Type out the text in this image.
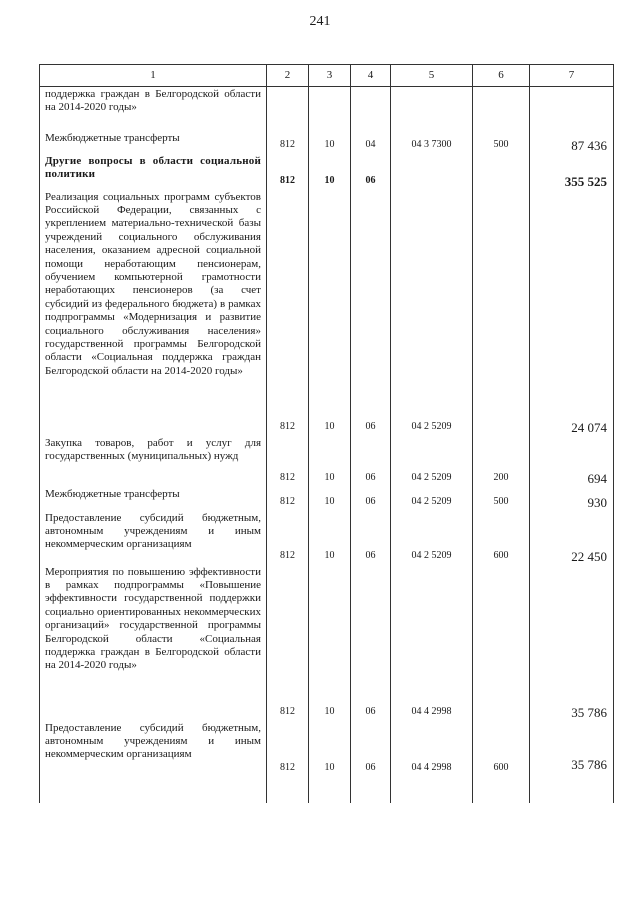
241
1	2	3	4	5	6	7
поддержка граждан в Белгородской области на 2014-2020 годы»						
Межбюджетные трансферты	812	10	04	04 3 7300	500	87 436
Другие вопросы в области социальной политики	812	10	06			355 525
Реализация социальных программ субъектов Российской Федерации, связанных с укреплением материально-технической базы учреждений социального обслуживания населения, оказанием адресной социальной помощи неработающим пенсионерам, обучением компьютерной грамотности неработающих пенсионеров (за счет субсидий из федерального бюджета) в рамках подпрограммы «Модернизация и развитие социального обслуживания населения» государственной программы Белгородской области «Социальная поддержка граждан Белгородской области на 2014-2020 годы»	812	10	06	04 2 5209		24 074
Закупка товаров, работ и услуг для государственных (муниципальных) нужд	812	10	06	04 2 5209	200	694
Межбюджетные трансферты	812	10	06	04 2 5209	500	930
Предоставление субсидий бюджетным, автономным учреждениям и иным некоммерческим организациям	812	10	06	04 2 5209	600	22 450
Мероприятия по повышению эффективности в рамках подпрограммы «Повышение эффективности государственной поддержки социально ориентированных некоммерческих организаций» государственной программы Белгородской области «Социальная поддержка граждан в Белгородской области на 2014-2020 годы»	812	10	06	04 4 2998		35 786
Предоставление субсидий бюджетным, автономным учреждениям и иным некоммерческим организациям	812	10	06	04 4 2998	600	35 786
